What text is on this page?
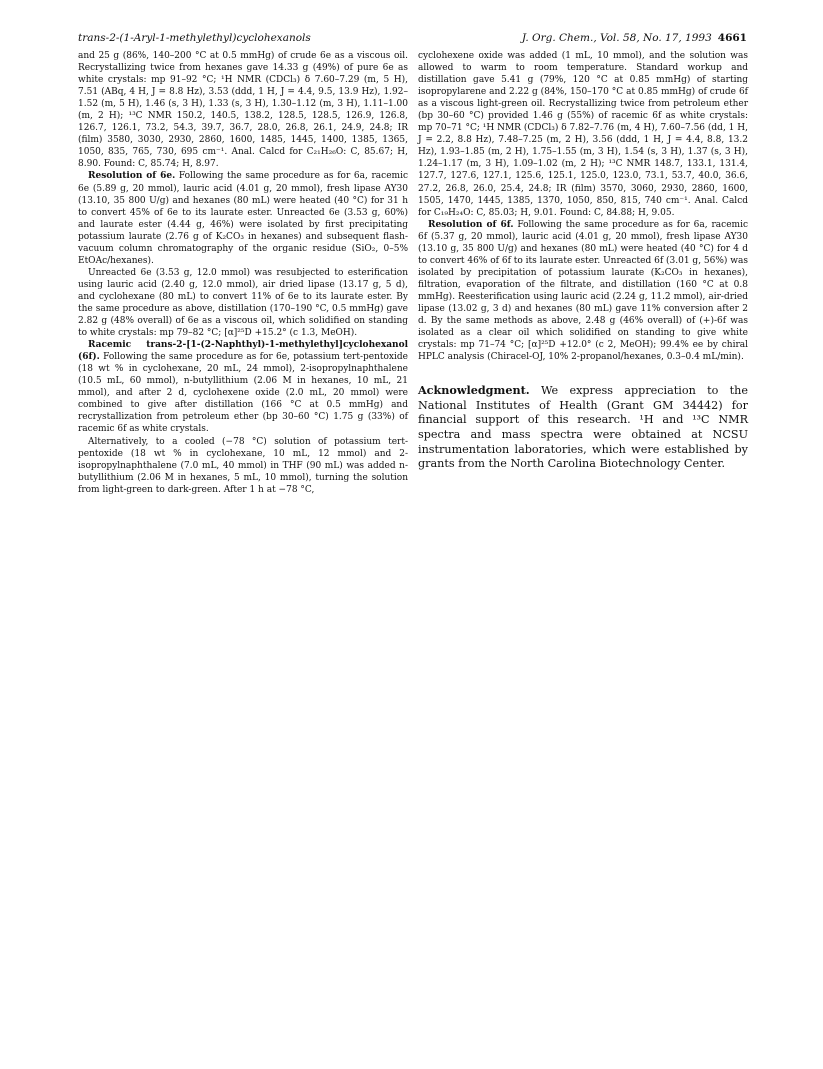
trans-2-(1-Aryl-1-methylethyl)cyclohexanols	J. Org. Chem., Vol. 58, No. 17, 1993 4661

and 25 g (86%, 140–200 °C at 0.5 mmHg) of crude 6e as a viscous oil. Recrystallizing twice from hexanes gave 14.33 g (49%) of pure 6e as white crystals: mp 91–92 °C; ¹H NMR (CDCl₃) δ 7.60–7.29 (m, 5 H), 7.51 (ABq, 4 H, J = 8.8 Hz), 3.53 (ddd, 1 H, J = 4.4, 9.5, 13.9 Hz), 1.92–1.52 (m, 5 H), 1.46 (s, 3 H), 1.33 (s, 3 H), 1.30–1.12 (m, 3 H), 1.11–1.00 (m, 2 H); ¹³C NMR 150.2, 140.5, 138.2, 128.5, 128.5, 126.9, 126.8, 126.7, 126.1, 73.2, 54.3, 39.7, 36.7, 28.0, 26.8, 26.1, 24.9, 24.8; IR (film) 3580, 3030, 2930, 2860, 1600, 1485, 1445, 1400, 1385, 1365, 1050, 835, 765, 730, 695 cm⁻¹. Anal. Calcd for C₂₁H₂₆O: C, 85.67; H, 8.90. Found: C, 85.74; H, 8.97.

Resolution of 6e. Following the same procedure as for 6a, racemic 6e (5.89 g, 20 mmol), lauric acid (4.01 g, 20 mmol), fresh lipase AY30 (13.10, 35 800 U/g) and hexanes (80 mL) were heated (40 °C) for 31 h to convert 45% of 6e to its laurate ester. Unreacted 6e (3.53 g, 60%) and laurate ester (4.44 g, 46%) were isolated by first precipitating potassium laurate (2.76 g of K₂CO₃ in hexanes) and subsequent flash-vacuum column chromatography of the organic residue (SiO₂, 0–5% EtOAc/hexanes).

Unreacted 6e (3.53 g, 12.0 mmol) was resubjected to esterification using lauric acid (2.40 g, 12.0 mmol), air dried lipase (13.17 g, 5 d), and cyclohexane (80 mL) to convert 11% of 6e to its laurate ester. By the same procedure as above, distillation (170–190 °C, 0.5 mmHg) gave 2.82 g (48% overall) of 6e as a viscous oil, which solidified on standing to white crystals: mp 79–82 °C; [α]²⁵D +15.2° (c 1.3, MeOH).

Racemic trans-2-[1-(2-Naphthyl)-1-methylethyl]cyclohexanol (6f). Following the same procedure as for 6e, potassium tert-pentoxide (18 wt % in cyclohexane, 20 mL, 24 mmol), 2-isopropylnaphthalene (10.5 mL, 60 mmol), n-butyllithium (2.06 M in hexanes, 10 mL, 21 mmol), and after 2 d, cyclohexene oxide (2.0 mL, 20 mmol) were combined to give after distillation (166 °C at 0.5 mmHg) and recrystallization from petroleum ether (bp 30–60 °C) 1.75 g (33%) of racemic 6f as white crystals.

Alternatively, to a cooled (−78 °C) solution of potassium tert-pentoxide (18 wt % in cyclohexane, 10 mL, 12 mmol) and 2-isopropylnaphthalene (7.0 mL, 40 mmol) in THF (90 mL) was added n-butyllithium (2.06 M in hexanes, 5 mL, 10 mmol), turning the solution from light-green to dark-green. After 1 h at −78 °C,

cyclohexene oxide was added (1 mL, 10 mmol), and the solution was allowed to warm to room temperature. Standard workup and distillation gave 5.41 g (79%, 120 °C at 0.85 mmHg) of starting isopropylarene and 2.22 g (84%, 150–170 °C at 0.85 mmHg) of crude 6f as a viscous light-green oil. Recrystallizing twice from petroleum ether (bp 30–60 °C) provided 1.46 g (55%) of racemic 6f as white crystals: mp 70–71 °C; ¹H NMR (CDCl₃) δ 7.82–7.76 (m, 4 H), 7.60–7.56 (dd, 1 H, J = 2.2, 8.8 Hz), 7.48–7.25 (m, 2 H), 3.56 (ddd, 1 H, J = 4.4, 8.8, 13.2 Hz), 1.93–1.85 (m, 2 H), 1.75–1.55 (m, 3 H), 1.54 (s, 3 H), 1.37 (s, 3 H), 1.24–1.17 (m, 3 H), 1.09–1.02 (m, 2 H); ¹³C NMR 148.7, 133.1, 131.4, 127.7, 127.6, 127.1, 125.6, 125.1, 125.0, 123.0, 73.1, 53.7, 40.0, 36.6, 27.2, 26.8, 26.0, 25.4, 24.8; IR (film) 3570, 3060, 2930, 2860, 1600, 1505, 1470, 1445, 1385, 1370, 1050, 850, 815, 740 cm⁻¹. Anal. Calcd for C₁₉H₂₄O: C, 85.03; H, 9.01. Found: C, 84.88; H, 9.05.

Resolution of 6f. Following the same procedure as for 6a, racemic 6f (5.37 g, 20 mmol), lauric acid (4.01 g, 20 mmol), fresh lipase AY30 (13.10 g, 35 800 U/g) and hexanes (80 mL) were heated (40 °C) for 4 d to convert 46% of 6f to its laurate ester. Unreacted 6f (3.01 g, 56%) was isolated by precipitation of potassium laurate (K₂CO₃ in hexanes), filtration, evaporation of the filtrate, and distillation (160 °C at 0.8 mmHg). Reesterification using lauric acid (2.24 g, 11.2 mmol), air-dried lipase (13.02 g, 3 d) and hexanes (80 mL) gave 11% conversion after 2 d. By the same methods as above, 2.48 g (46% overall) of (+)-6f was isolated as a clear oil which solidified on standing to give white crystals: mp 71–74 °C; [α]²⁵D +12.0° (c 2, MeOH); 99.4% ee by chiral HPLC analysis (Chiracel-OJ, 10% 2-propanol/hexanes, 0.3–0.4 mL/min).

Acknowledgment. We express appreciation to the National Institutes of Health (Grant GM 34442) for financial support of this research. ¹H and ¹³C NMR spectra and mass spectra were obtained at NCSU instrumentation laboratories, which were established by grants from the North Carolina Biotechnology Center.
